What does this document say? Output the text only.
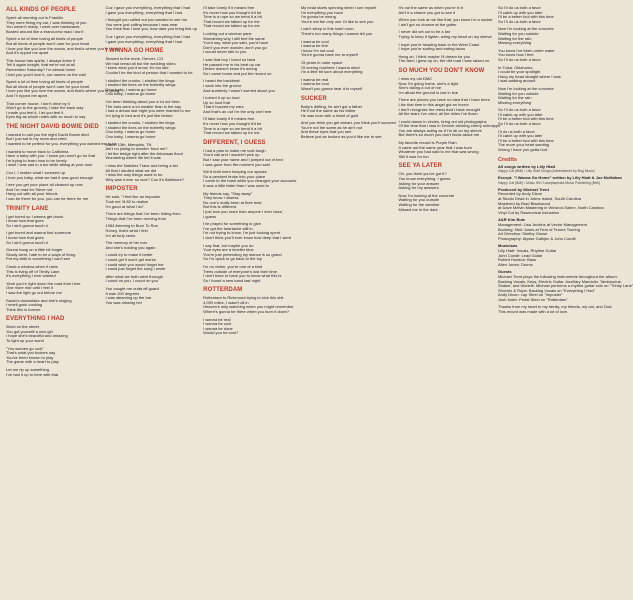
ALL KINDS OF PEOPLE
Spent all morning out in Franklin
They were fixing my car, I was thinking of you
You weren't ready, I went over backwards
Busted around like a brand-new road I don't
Spent a lot of time loving all kinds of people
But all kinds of people won't care for your heart
I love you like you love the ocean, and that's where you're going
And it's ripped me apart
This house has spirits, I always knew it
Tell it again tonight, that we're not at all
Remember Saturday? I'm almost home
I told you you'd love it, our names on the wall
Spent a lot of time loving all kinds of people
But all kinds of people won't care for your heart
I love you like you love the ocean, and that's where you're going
And I'll ripped me apart
That corner house, I don't drive by it
Won't go to the grocery, I take the back way
I made you feel it, I let you feel it
Eyes big as whole notes with so much to say
THE NIGHT DAVID BOWIE DIED
I wanted to call you the night David Bowie died
But I just sat in my room and cried
I wanted to be perfect for you, everything you wanted me to be
I wanted to move back to California
Have a baby with you, I know you won't go for that
I'm trying to learn how to be lonely
I wish I was sad in a tux while sitting at your door
Cuz I, I realize what I screwed up
I love you baby, what we had it was good enough
I see you get your place all cleaned up now
And I'm mad for Steve not
Hang out with all your friends
I can be there for you, you can be there for me
TRINITY LANE
I get bored so I wanna get drunk
I know how that goes
So I ain't gonna touch it
I get bored and wanna find someone
I know how that goes
So I ain't gonna touch it
Gonna hang on a little bit longer
Slowly went, hate to be a ways of living
Put my faith in something I can't see
Crack a window when it rains
This is living off of Trinity Lane
It's everything I ever wanted
Yeah you're right down the road from here
One more ride until I feel it
I saw the light go out before me
Sarah's downstairs and she's singing
I smell gunk cooking
Think this is forever
EVERYTHING I HAD
Word on the street
You got yourself a new girl
I hope she's beautiful and amazing
To light up your world
"You women go rock"
That's what you fuckers say
You've been known to play
The game with a heart to play
Let me rip up something
I've had it up to here with that
Cuz I gave you everything, everything that I had
I gave you everything, everything that I had
I thought you called out you wanted to see me
You were just calling because I was near
You think that I love you, how dare you bring this up
Cuz I gave you everything, everything that I had
I gave you everything, everything that I had
I WANNA GO HOME
Stowed to the bone, Denver, CO
We had bread all but the wedding video
I knew what you'd know, it's too late
Couldn't be the kind of person that I wanted to be
I studied the crooks, I studied the kings
I studied the lines on the butterfly wings
Dear baby, I wanna go home
Ooo baby, I wanna go home
I've been thinking about you a lot out here
The bars were a lot smaller than in the bay
I had a dream last night you were married to me
I'm lying in bed and it's just like before
I studied the crooks, I studied the kings
I studied the lines on the butterfly wings
Ooo baby, I wanna go home
Ooo baby, I wanna go home
March 13th, Memphis, TN
Ain't no joking to wonder 'bout me?
I let the bridge right after the Arkansas flood
Wondering where life led it was
I miss the Natchez Trace and being a kid
All that I studied what we did
I miss the way things used to be
Why was it ever so nice? Cuz it's Baltimore?
IMPOSTER
He said, "I feel like an imposter
Took me 'til 82 to realize
I'm good at what I do"
There are things that I've been hiding from
Things that I've been running from
1984 listening to Born To Run
Honey, that's what I feel
I'm all forty cents
The memory of her torn
And she's holding you again
I could try to make it better
I could get it won't get worse
I could wish you would forget her
I could just forget the song I wrote
After what we both went through
I count on you, I count on you
You caught me outta off guard
It was 100 degrees
I was steaming up the bar
You was missing her
I'll take lonely if it means free
It's never how you thought it'd be
Time is a rope so we bend it a bit
That record we talked up for me
That record we talked up for me
Looking out a window pane
Wondering why I still feel the same
You'd say, what you said, you'd have
Don't you ever wonder, don't you go
I would never talk to you
I saw that boy I loved so hard
He passed me in his beat up car
Desire doesn't know it's wrong
So I came home and put the record on
I heard the backbeat
I sank into the groove
And suddenly I wasn't worried about you
I turned it up so loud
Up so loud that
That it buzzed my ears
And that's an out I'm the only one here
I'll take lonely if it means free
It's never how you thought it'd be
Time is a rope so we bend it a bit
That record we talked up for me
DIFFERENT, I GUESS
I had a plan to make me look tough
You'd call and I wouldn't pick up
But I saw your name and I jumped out of bed
I was gone from the moment you said
We'd both been keeping our spaces
So a pendant broke into your place
I came to the bank while you changed your accounts
It was a little fatter than I was used to
My friends say, "Stay away"
They know I obsess
No one's really been at their best
But this is different,
I just love you more than anyone I ever have,
I guess
I've prayed for something to give
I've got the heartache still in
I'm not trying to know, I'm just fucking spent
I don't think you'll ever know how deep that I went
I say that, but maybe you do
Your eyes are a lonelier blue
You're just pretending my stance is so grand
So I'm quick to go back to the top
I'm no victim, you're one of a kind
Trees outside of everyone's lost their time
I don't have to have you to know what this is
So I found a new band last night
ROTTERDAM
Rotterdam to Richmond trying to kick this shit
4,000 miles, I wasn't all in
Heaven's only watching when you might remember
Where's gonna be there when you burn it down?
I wanna be real
I wanna be cool
I wanna be done
Would you be cool?
My head starts spinning when I see myself
I'm everything you have
I'm gonna be wrong
You're not the only one I'd like to see you
I can't sleep in this hotel room
There's too many things I wanna tell you
I wanna be cool
I wanna be fine
I know I'm not cool
You're gonna have me to myself
15 years in outer space
15 seeing nowhere I wanna mind
I'm a little bit sore about everything
I wanna be real
I wanna be cool
Wasn't you gonna hear it to myself
SUCKER
Baby's drifting, he ain't got a father
He'll not the same as his father
He was born with a heart of gold
And you think you get ahead, you think you'll succeed
You're not the same as he ain't not
And these eyes that you see
Believe just as broken as you'd like me to see
It's not the same as when you're in it
Ain't it a shame you got to see it
When you look at me like that, you know I'm a sucker
I ain't got no chance at the gutter
I never did set out to be a liar
Trying to keep it lighter, wring my heart on my sleeve
I hope you're heading back to the West Coast
I hope you're surfing and eating tacos
Hang on, I think maybe I'll dream for you
The farm I grew up on, the dirt road I was raised on
SO MUCH YOU DON'T KNOW
I miss my old DMC
Now I'm going home, she's a light
She's taking a cut of me
I'm afraid the ground is lost in line
There are pieces you have no idea that I have been
Like that time in this angel got an horror
I don't recognize the mess that I have wrought
All the tears I've cried, all the miles I've flown
I could dance in circles, bring out old photographs
Of the time that I was in Denver drinking cherry schnapps
You are always acting as if I'm all on my sleeve
But there's so much you don't know about me
My favorite record is Purple Rain
It came out the same year that I was born
Whatever you had said to me that was wrong
Still it was for fun
SEE YA LATER
Oh, you think you've got it?
You know everything, I guess
Asking for your answer
Asking for my answers
Now I'm looking at the concrete
Waiting for you outside
Waiting for the weather
Missed me in the dark
So I'll do us both a favor
I'll catch up with you later
I'll be a better fool with this time
So I'll do us both a favor
Now I'm looking at the concrete
Waiting for you outside
Waiting for the rain
Missing everything
You know I've been under water
You know how I feel
So I'll do us both a favor
In Tulsa, Oklahoma
I could be your spotlight
Hung my head straight where I was
I was walking around
Now I'm looking at the concrete
Waiting for you outside
Waiting for the rain
Missing everything
So I'll do us both a favor
I'll catch up with you later
I'll be a better fool with this time
So I'll do us both a favor
I'll do us both a favor
I'll catch up with you later
I'll be a better fool with this time
The more your heart wanting
Wrong I have you gotta hurt
Credits
All songs written by Lilly Hiatt
Happy Cat (BMI) / Lilly Hiatt Songs (Administered by Bug Music)
Except: "I Wanna Go Home" written by Lilly Hiatt & Joe McMahan
Happy Cat (BMI) / Music Hill / Laseptspeaks Music Publishing (BMI)
Produced by Michael Trent
Recorded by Andy Dixon
at Studio Dead in Johns Island, South Carolina
Mastered by Brad Blackwood
at Dave Melvin Mastering in Winston-Salem, North Carolina
Vinyl Cut by Rawsonical Industries
A&R Kim Buie
Management: Lisa Jenkins at Vector Management
Booking: Nick Jones at Fear of Tenure Touring
Art Direction: Shelby Ghose
Photography: Alysse Gafkjen & John Condit
Musicians
Lilly Hiatt: Vocals, Rhythm Guitar
John Condit: Lead Guitar
Robert Hudson: Bass
Allen Jones: Drums
Guests
Michael Trent plays the following instruments throughout the album:
Backing Vocals, Keys, Electric Guitar, Auxiliary Mandolin, Tambourine,
Shaker, and Ukelele. Michael performs a rhythm guitar solo on "Trinity Lane"
Shovels & Rope: Backing Vocals on "Everything I Had"
Andy Dixon: Lap Steel on "Imposter"
Josh Kaler: Pedal Steel on "Rotterdam"
Thanks from my heart to my family, my friends, my cat, and God.
This record was made with a lot of love.
